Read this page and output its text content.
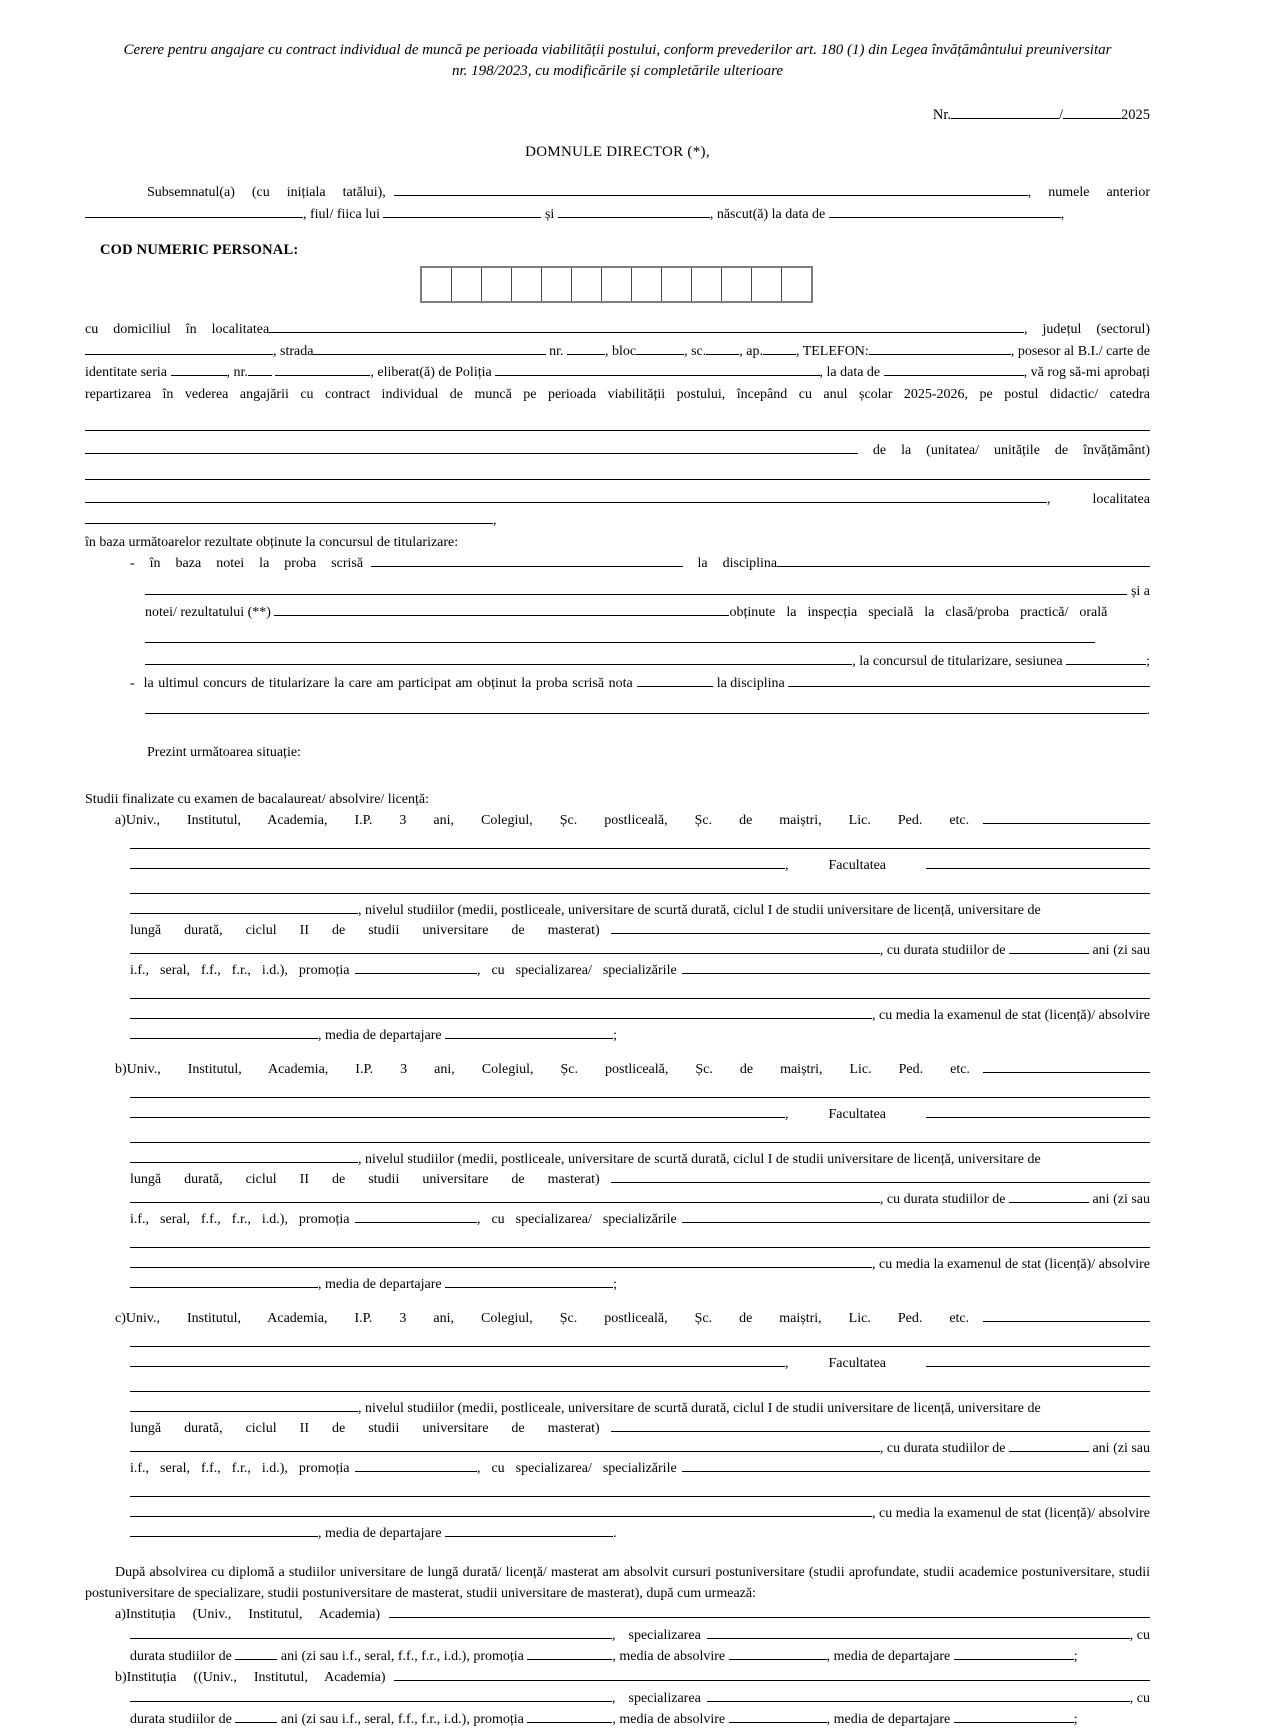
Cerere pentru angajare cu contract individual de muncă pe perioada viabilității postului, conform prevederilor art. 180 (1) din Legea învățământului preuniversitar
nr. 198/2023, cu modificările și completările ulterioare
Nr.	/	2025
DOMNULE DIRECTOR (*),
Subsemnatul(a)  (cu  inițiala  tatălui),	,  numele  anterior
, fiul/ fiica lui	și	, născut(ă) la data de	,
COD NUMERIC PERSONAL:
cu  domiciliul  în  localitatea	,  județul  (sectorul)
, strada	nr.	, bloc	, sc. , ap. , TELEFON:	, posesor al B.I./ carte de
identitate seria	, nr.
	, eliberat(ă) de Poliția	, la data de	, vă rog să-mi aprobați
repartizarea în vederea angajării cu contract individual de muncă pe perioada viabilității postului, începând cu anul școlar 2025-2026, pe postul didactic/ catedra
de  la  (unitatea/  unitățile  de  învățământ)
,	localitatea
,
în baza următoarelor rezultate obținute la concursul de titularizare:
-  în  baza  notei  la  proba  scrisă	la  disciplina
și a
notei/ rezultatului (**)	obținute  la  inspecția  specială  la  clasă/proba  practică/  orală
, la concursul de titularizare, sesiunea	;
-  la ultimul concurs de titularizare la care am participat am obținut la proba scrisă nota	la disciplina
.
Prezint următoarea situație:
Studii finalizate cu examen de bacalaureat/ absolvire/ licență:
a)Univ.,  Institutul,  Academia,  I.P.  3  ani,  Colegiul,  Șc.  postliceală,  Șc.  de  maiștri,  Lic.  Ped.  etc.
,	Facultatea
, nivelul studiilor (medii, postliceale, universitare de scurtă durată, ciclul I de studii universitare de licență, universitare de
lungă  durată,  ciclul  II  de  studii  universitare  de  masterat)
, cu durata studiilor de	ani (zi sau
i.f.,  seral,  f.f.,  f.r.,  i.d.),  promoția	,  cu  specializarea/  specializările
, cu media la examenul de stat (licență)/ absolvire
, media de departajare	;
b)Univ.,  Institutul,  Academia,  I.P.  3  ani,  Colegiul,  Șc.  postliceală,  Șc.  de  maiștri,  Lic.  Ped.  etc.
,	Facultatea
, nivelul studiilor (medii, postliceale, universitare de scurtă durată, ciclul I de studii universitare de licență, universitare de
lungă  durată,  ciclul  II  de  studii  universitare  de  masterat)
, cu durata studiilor de	ani (zi sau
i.f.,  seral,  f.f.,  f.r.,  i.d.),  promoția	,  cu  specializarea/  specializările
, cu media la examenul de stat (licență)/ absolvire
, media de departajare	;
c)Univ.,  Institutul,  Academia,  I.P.  3  ani,  Colegiul,  Șc.  postliceală,  Șc.  de  maiștri,  Lic.  Ped.  etc.
,	Facultatea
, nivelul studiilor (medii, postliceale, universitare de scurtă durată, ciclul I de studii universitare de licență, universitare de
lungă  durată,  ciclul  II  de  studii  universitare  de  masterat)
, cu durata studiilor de	ani (zi sau
i.f.,  seral,  f.f.,  f.r.,  i.d.),  promoția	,  cu  specializarea/  specializările
, cu media la examenul de stat (licență)/ absolvire
, media de departajare	.

După absolvirea cu diplomă a studiilor universitare de lungă durată/ licență/ masterat am absolvit cursuri postuniversitare (studii aprofundate, studii academice postuniversitare, studii postuniversitare de specializare, studii postuniversitare de masterat, studii universitare de masterat), după cum urmează:

a)Instituția  (Univ.,  Institutul,  Academia)
,  specializarea	, cu
durata studiilor de	ani (zi sau i.f., seral, f.f., f.r., i.d.), promoția	, media de absolvire	, media de departajare	;
b)Instituția  ((Univ.,  Institutul,  Academia)
,  specializarea	, cu
durata studiilor de	ani (zi sau i.f., seral, f.f., f.r., i.d.), promoția	, media de absolvire	, media de departajare	;
